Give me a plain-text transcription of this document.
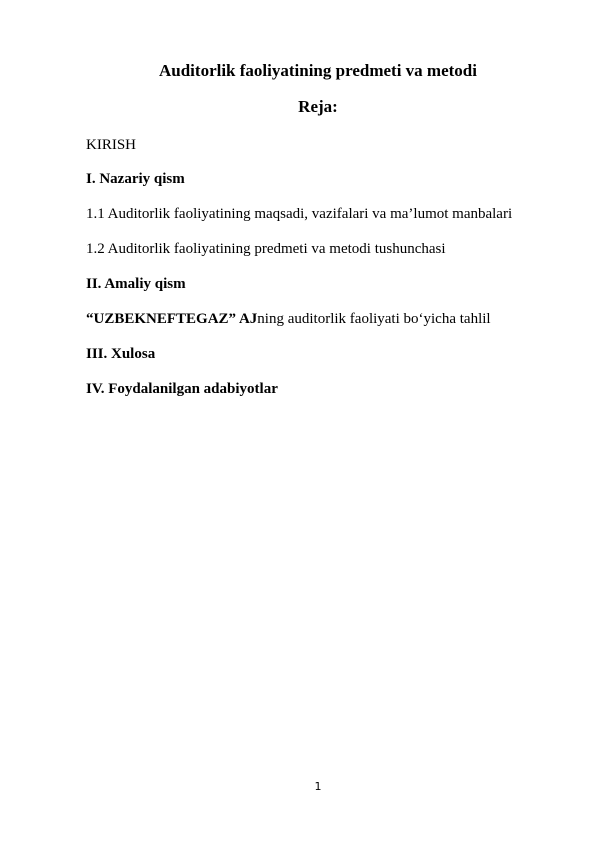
Auditorlik faoliyatining predmeti va metodi
Reja:
KIRISH
I. Nazariy qism
1.1 Auditorlik faoliyatining maqsadi, vazifalari va ma’lumot manbalari
1.2 Auditorlik faoliyatining predmeti va metodi tushunchasi
II. Amaliy qism
“UZBEKNEFTEGAZ” AJning auditorlik faoliyati bo‘yicha tahlil
III. Xulosa
IV. Foydalanilgan adabiyotlar
1
